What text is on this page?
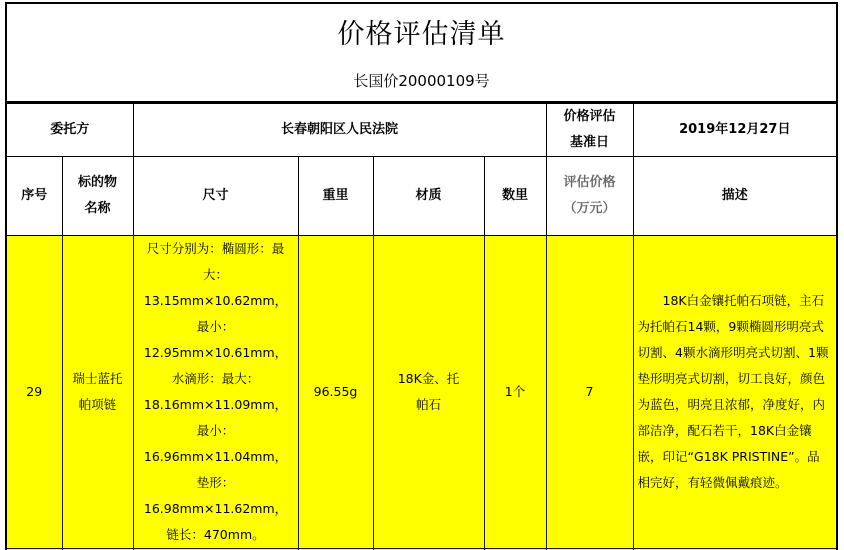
价格评估清单
长国价20000109号
委托方		长春朝阳区人民法院				价格评估基准日	2019年12月27日
序号	标的物名称	尺寸	重里	材质	数里	评估价格（万元）	描述
29	瑞士蓝托帕项链	尺寸分别为：椭圆形：最大：13.15mm×10.62mm，最小：12.95mm×10.61mm，水滴形：最大：18.16mm×11.09mm，最小：16.96mm×11.04mm，垫形：16.98mm×11.62mm，链长：470mm。	96.55g	18K金、托帕石	1个	7	18K白金镶托帕石项链，主石为托帕石14颗，9颗椭圆形明亮式切割、4颗水滴形明亮式切割、1颗垫形明亮式切割，切工良好，颜色为蓝色，明亮且浓郁，净度好，内部洁净，配石若干，18K白金镶嵌，印记“G18K PRISTINE”。品相完好，有轻微佩戴痕迹。
